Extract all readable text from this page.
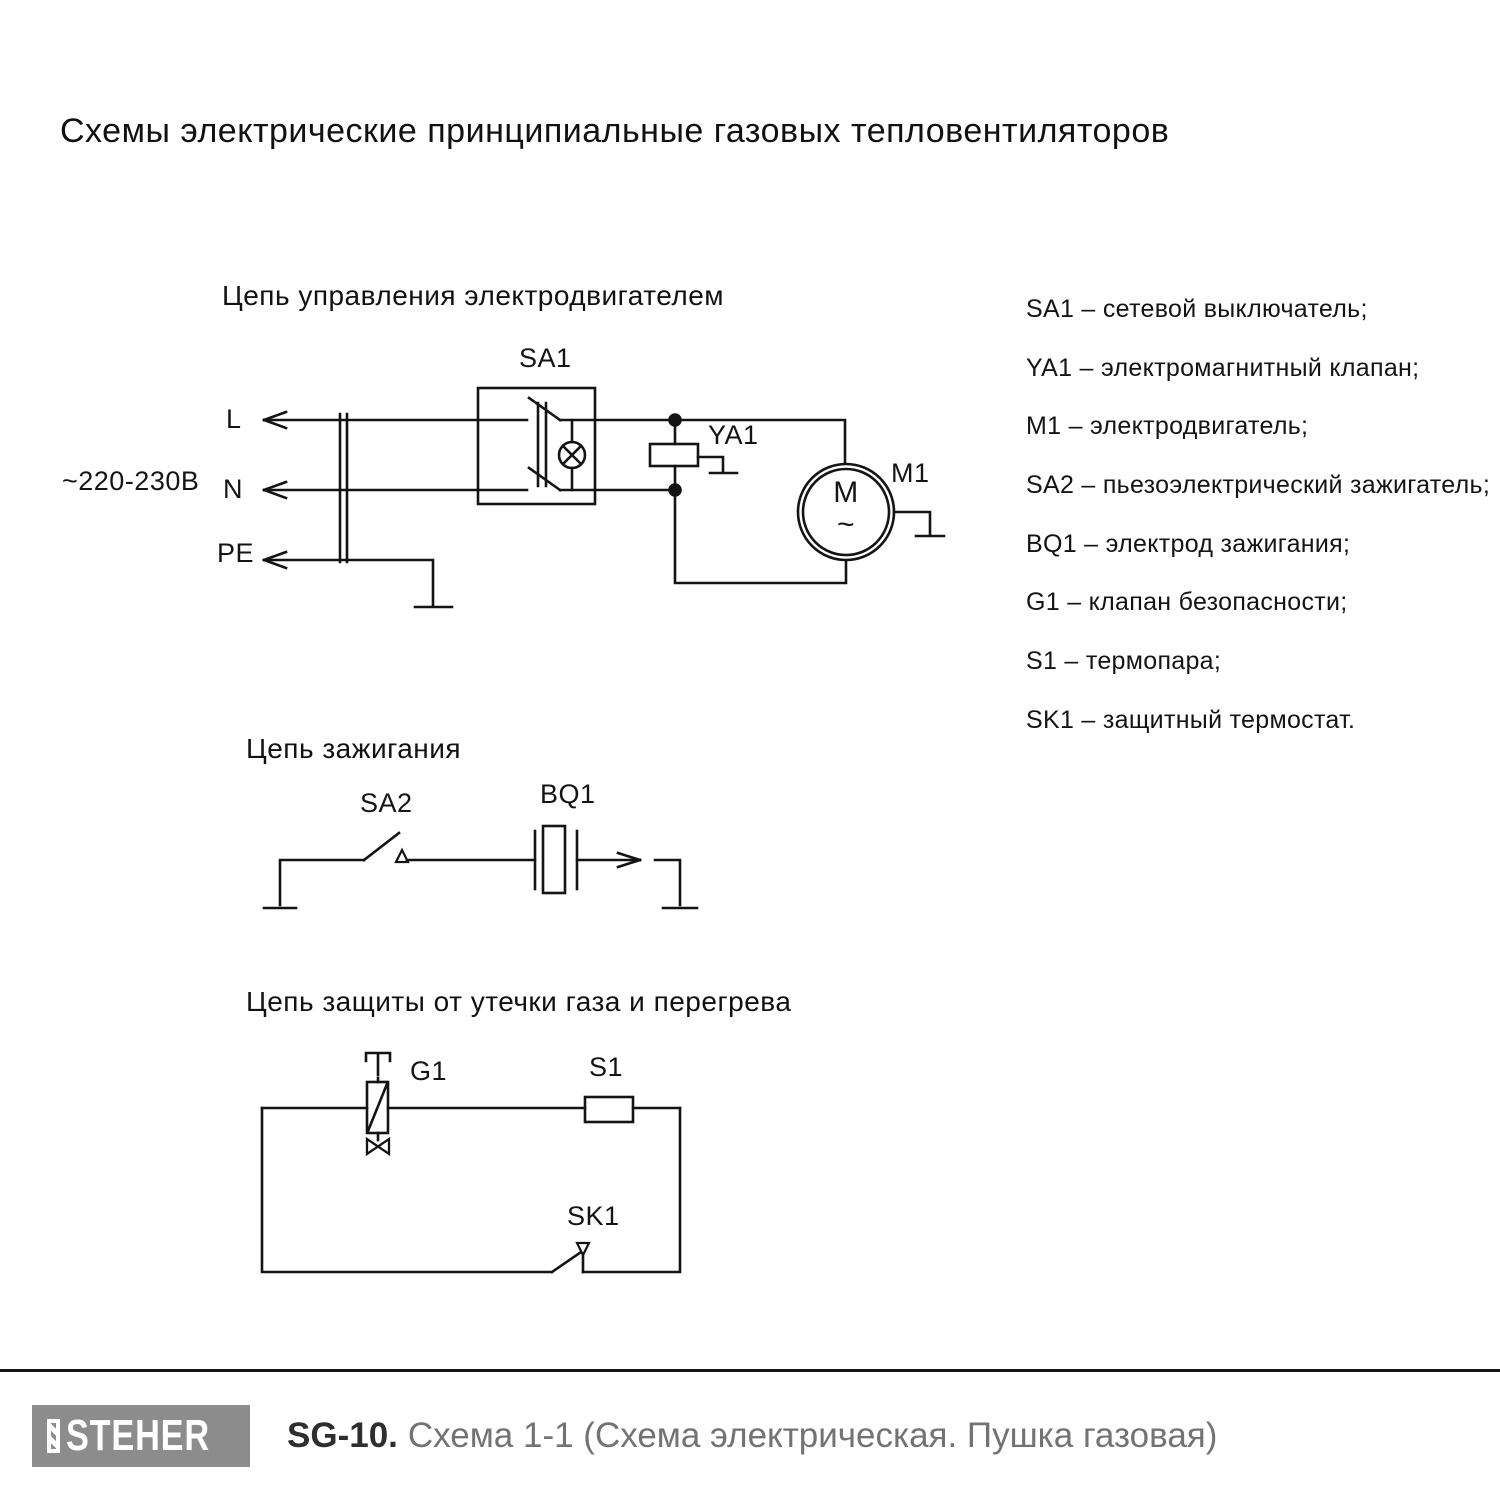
Схемы электрические принципиальные газовых тепловентиляторов
Цепь управления электродвигателем
SA1
~220-230В
L
N
PE
YA1
M1
M
~
Цепь зажигания
SA2	BQ1
Цепь защиты от утечки газа и перегрева
G1	S1
SK1
SA1 – сетевой выключатель;
YA1 – электромагнитный клапан;
M1 – электродвигатель;
SA2 – пьезоэлектрический зажигатель;
BQ1 – электрод зажигания;
G1 – клапан безопасности;
S1 – термопара;
SK1 – защитный термостат.
STEHER SG-10. Схема 1-1 (Схема электрическая. Пушка газовая)
